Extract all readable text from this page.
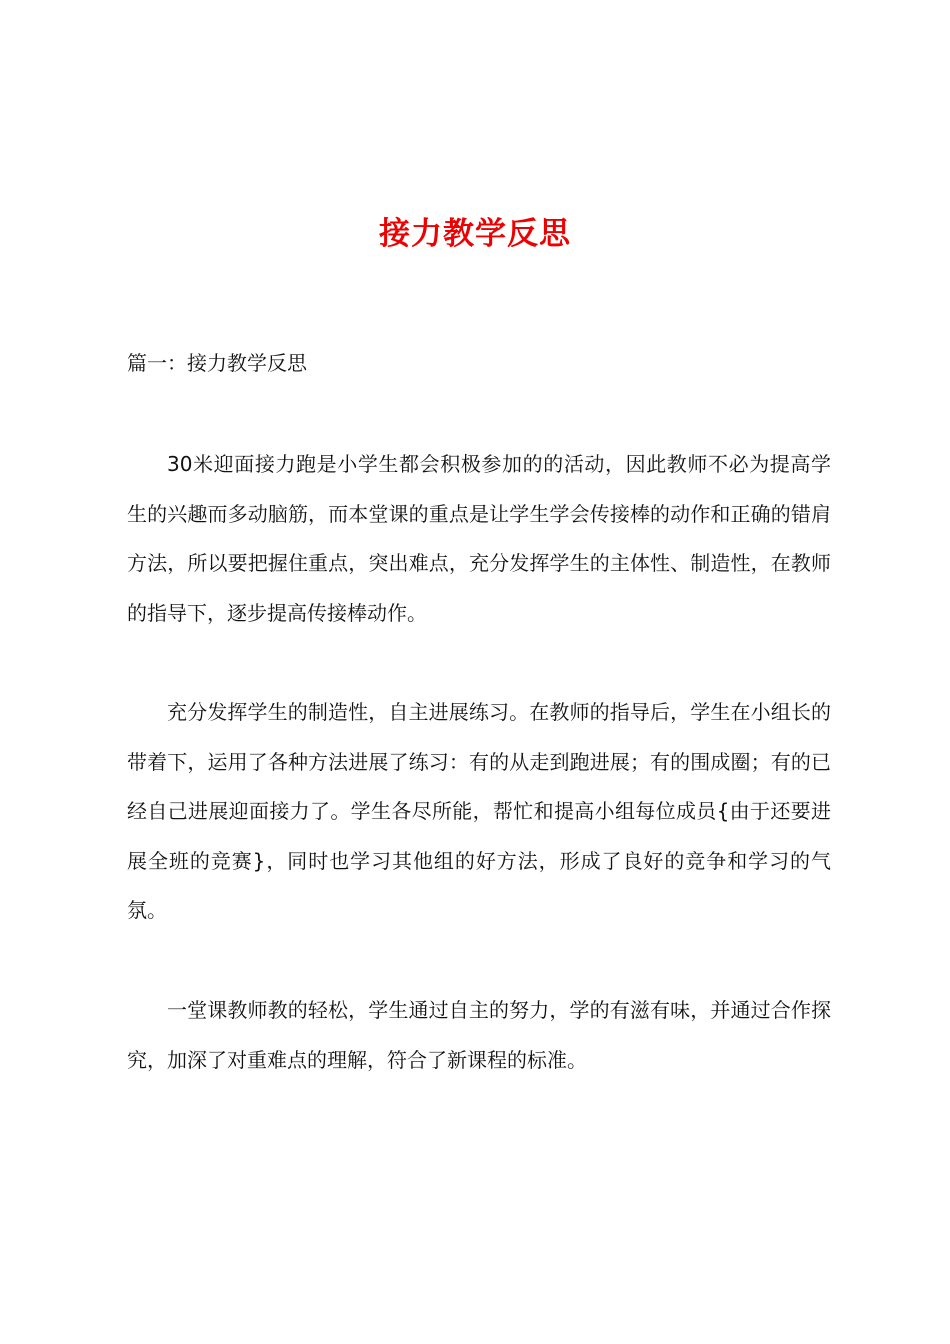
接力教学反思

篇一：接力教学反思

30米迎面接力跑是小学生都会积极参加的的活动，因此教师不必为提高学生的兴趣而多动脑筋，而本堂课的重点是让学生学会传接棒的动作和正确的错肩方法，所以要把握住重点，突出难点，充分发挥学生的主体性、制造性，在教师的指导下，逐步提高传接棒动作。

充分发挥学生的制造性，自主进展练习。在教师的指导后，学生在小组长的带着下，运用了各种方法进展了练习：有的从走到跑进展；有的围成圈；有的已经自己进展迎面接力了。学生各尽所能，帮忙和提高小组每位成员{由于还要进展全班的竞赛}，同时也学习其他组的好方法，形成了良好的竞争和学习的气氛。

一堂课教师教的轻松，学生通过自主的努力，学的有滋有味，并通过合作探究，加深了对重难点的理解，符合了新课程的标准。
